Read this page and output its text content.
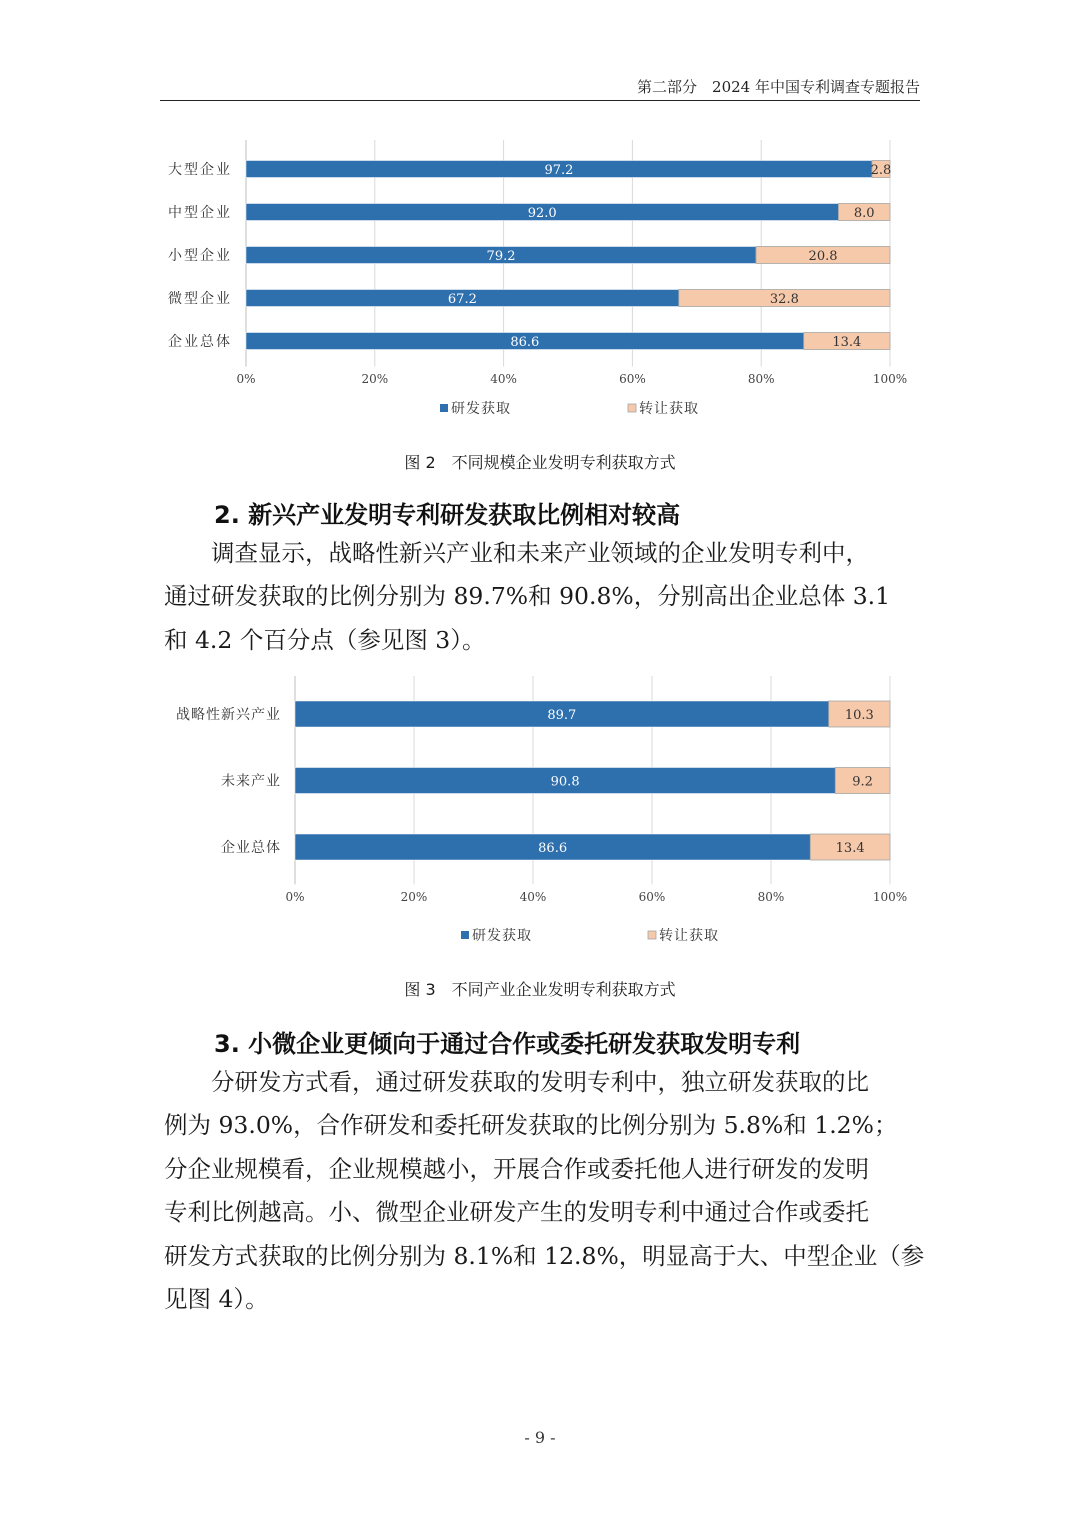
第二部分　2024 年中国专利调查专题报告
0%	20%	40%	60%	80%	100%
大型企业	97.2	2.8
中型企业	92.0	8.0
小型企业	79.2	20.8
微型企业	67.2	32.8
企业总体	86.6	13.4
研发获取	转让获取
图 2　不同规模企业发明专利获取方式
2. 新兴产业发明专利研发获取比例相对较高
　　调查显示，战略性新兴产业和未来产业领域的企业发明专利中，
通过研发获取的比例分别为 89.7%和 90.8%，分别高出企业总体 3.1
和 4.2 个百分点（参见图 3）。
0%	20%	40%	60%	80%	100%
战略性新兴产业	89.7	10.3
未来产业	90.8	9.2
企业总体	86.6	13.4
研发获取	转让获取
图 3　不同产业企业发明专利获取方式
3. 小微企业更倾向于通过合作或委托研发获取发明专利
　　分研发方式看，通过研发获取的发明专利中，独立研发获取的比
例为 93.0%，合作研发和委托研发获取的比例分别为 5.8%和 1.2%；
分企业规模看，企业规模越小，开展合作或委托他人进行研发的发明
专利比例越高。小、微型企业研发产生的发明专利中通过合作或委托
研发方式获取的比例分别为 8.1%和 12.8%，明显高于大、中型企业（参
见图 4）。
- 9 -
